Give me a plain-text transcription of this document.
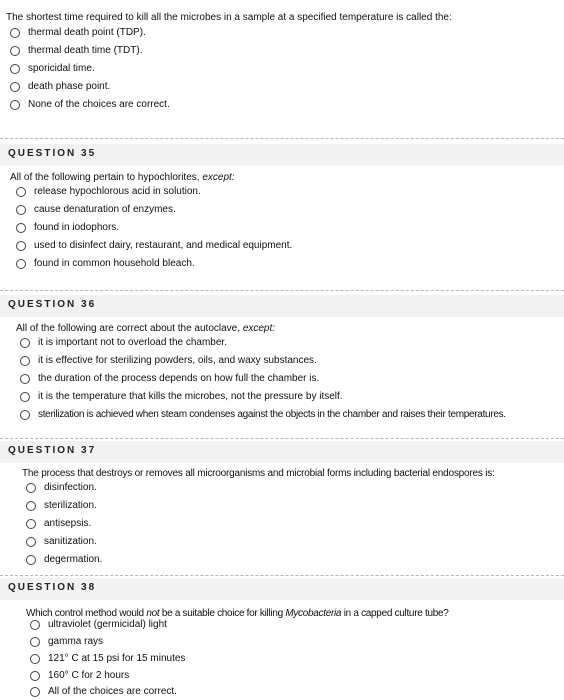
The shortest time required to kill all the microbes in a sample at a specified temperature is called the:
thermal death point (TDP).
thermal death time (TDT).
sporicidal time.
death phase point.
None of the choices are correct.
QUESTION 35
All of the following pertain to hypochlorites, except:
release hypochlorous acid in solution.
cause denaturation of enzymes.
found in iodophors.
used to disinfect dairy, restaurant, and medical equipment.
found in common household bleach.
QUESTION 36
All of the following are correct about the autoclave, except:
it is important not to overload the chamber.
it is effective for sterilizing powders, oils, and waxy substances.
the duration of the process depends on how full the chamber is.
it is the temperature that kills the microbes, not the pressure by itself.
sterilization is achieved when steam condenses against the objects in the chamber and raises their temperatures.
QUESTION 37
The process that destroys or removes all microorganisms and microbial forms including bacterial endospores is:
disinfection.
sterilization.
antisepsis.
sanitization.
degermation.
QUESTION 38
Which control method would not be a suitable choice for killing Mycobacteria in a capped culture tube?
ultraviolet (germicidal) light
gamma rays
121° C at 15 psi for 15 minutes
160° C for 2 hours
All of the choices are correct.
